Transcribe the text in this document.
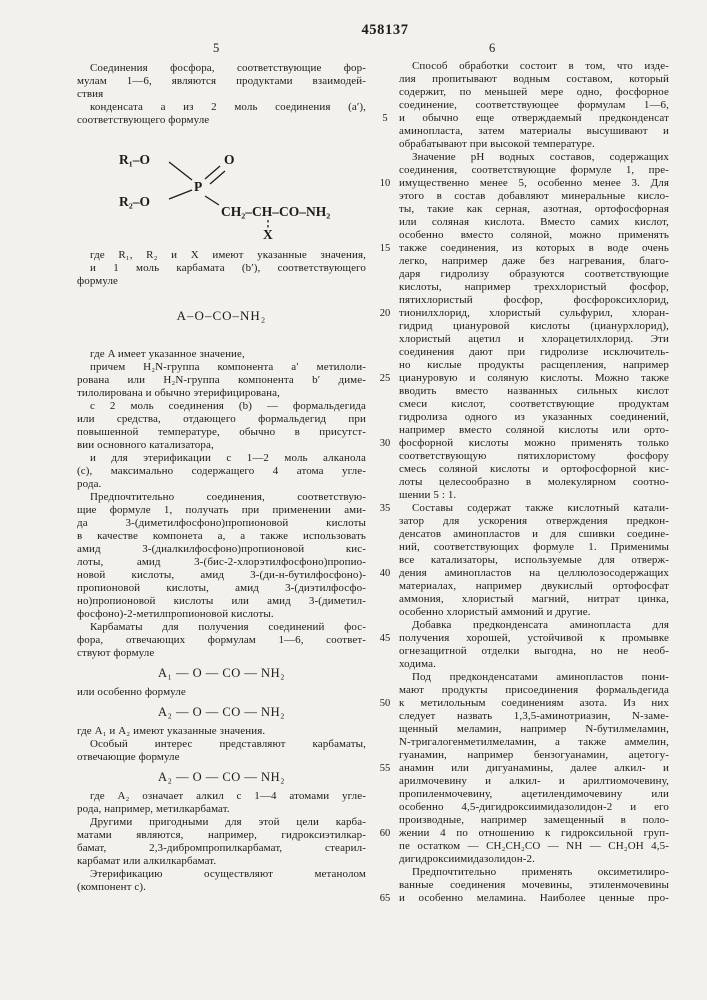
458137
5	6
Соединения фосфора, соответствующие фор-
мулам 1—6, являются продуктами взаимодей-
ствия
конденсата a из 2 моль соединения (a′),
соответствующего формуле
R₁–O
R₂–O
P
O
CH₂–CH–CO–NH₂
X
где R₁, R₂ и X имеют указанные значения,
и 1 моль карбамата (b′), соответствующего
формуле
A–O–CO–NH₂
где A имеет указанное значение,
причем H₂N-группа компонента a′ метилоли-
рована или H₂N-группа компонента b′ диме-
тилолирована и обычно этерифицирована,
с 2 моль соединения (b) — формальдегида
или средства, отдающего формальдегид при
повышенной температуре, обычно в присутст-
вии основного катализатора,
и для этерификации с 1—2 моль алканола
(c), максимально содержащего 4 атома угле-
рода.
Предпочтительно соединения, соответствую-
щие формуле 1, получать при применении ами-
да 3-(диметилфосфоно)пропионовой кислоты
в качестве компонета a, а также использовать
амид 3-(диалкилфосфоно)пропионовой кис-
лоты, амид 3-(бис-2-хлорэтилфосфоно)пропио-
новой кислоты, амид 3-(ди-н-бутилфосфоно)-
пропионовой кислоты, амид 3-(диэтилфосфо-
но)пропионовой кислоты или амид 3-(диметил-
фосфоно)-2-метилпропионовой кислоты.
Карбаматы для получения соединений фос-
фора, отвечающих формулам 1—6, соответ-
ствуют формуле
A₁ — O — CO — NH₂
или особенно формуле
A₂ — O — CO — NH₂
где A₁ и A₂ имеют указанные значения.
Особый интерес представляют карбаматы,
отвечающие формуле
A₂ — O — CO — NH₂
где A₂ означает алкил с 1—4 атомами угле-
рода, например, метилкарбамат.
Другими пригодными для этой цели карба-
матами являются, например, гидроксиэтилкар-
бамат, 2,3-дибромпропилкарбамат, стеарил-
карбамат или алкилкарбамат.
Этерификацию осуществляют метанолом
(компонент c).
Способ обработки состоит в том, что изде-
лия пропитывают водным составом, который
содержит, по меньшей мере одно, фосфорное
соединение, соответствующее формулам 1—6,
и обычно еще отверждаемый предконденсат
аминопласта, затем материалы высушивают и
обрабатывают при высокой температуре.
Значение pH водных составов, содержащих
соединения, соответствующие формуле 1, пре-
имущественно менее 5, особенно менее 3. Для
этого в состав добавляют минеральные кисло-
ты, такие как серная, азотная, ортофосфорная
или соляная кислота. Вместо самих кислот,
особенно вместо соляной, можно применять
также соединения, из которых в воде очень
легко, например даже без нагревания, благо-
даря гидролизу образуются соответствующие
кислоты, например треххлористый фосфор,
пятихлористый фосфор, фосфороксихлорид,
тионилхлорид, хлористый сульфурил, хлоран-
гидрид циануровой кислоты (цианурхлорид),
хлористый ацетил и хлорацетилхлорид. Эти
соединения дают при гидролизе исключитель-
но кислые продукты расщепления, например
циануровую и соляную кислоты. Можно также
вводить вместо названных сильных кислот
смеси кислот, соответствующие продуктам
гидролиза одного из указанных соединений,
например вместо соляной кислоты или орто-
фосфорной кислоты можно применять только
соответствующую пятихлористому фосфору
смесь соляной кислоты и ортофосфорной кис-
лоты целесообразно в молекулярном соотно-
шении 5 : 1.
Составы содержат также кислотный катали-
затор для ускорения отверждения предкон-
денсатов аминопластов и для сшивки соедине-
ний, соответствующих формуле 1. Применимы
все катализаторы, используемые для отверж-
дения аминопластов на целлюлозосодержащих
материалах, например двукислый ортофосфат
аммония, хлористый магний, нитрат цинка,
особенно хлористый аммоний и другие.
Добавка предконденсата аминопласта для
получения хорошей, устойчивой к промывке
огнезащитной отделки выгодна, но не необ-
ходима.
Под предконденсатами аминопластов пони-
мают продукты присоединения формальдегида
к метилольным соединениям азота. Из них
следует назвать 1,3,5-аминотриазин, N-заме-
щенный меламин, например N-бутилмеламин,
N-тригалогенметилмеламин, а также аммелин,
гуанамин, например бензогуанамин, ацетогу-
анамин или дигуанамины, далее алкил- и
арилмочевину и алкил- и арилтиомочевину,
пропиленмочевину, ацетилендимочевину или
особенно 4,5-дигидроксиимидазолидон-2 и его
производные, например замещенный в поло-
жении 4 по отношению к гидроксильной груп-
пе остатком — CH₂CH₂CO — NH — CH₂OH 4,5-
дигидроксиимидазолидон-2.
Предпочтительно применять оксиметилиро-
ванные соединения мочевины, этиленмочевины
и особенно меламина. Наиболее ценные про-
5
10
15
20
25
30
35
40
45
50
55
60
65
